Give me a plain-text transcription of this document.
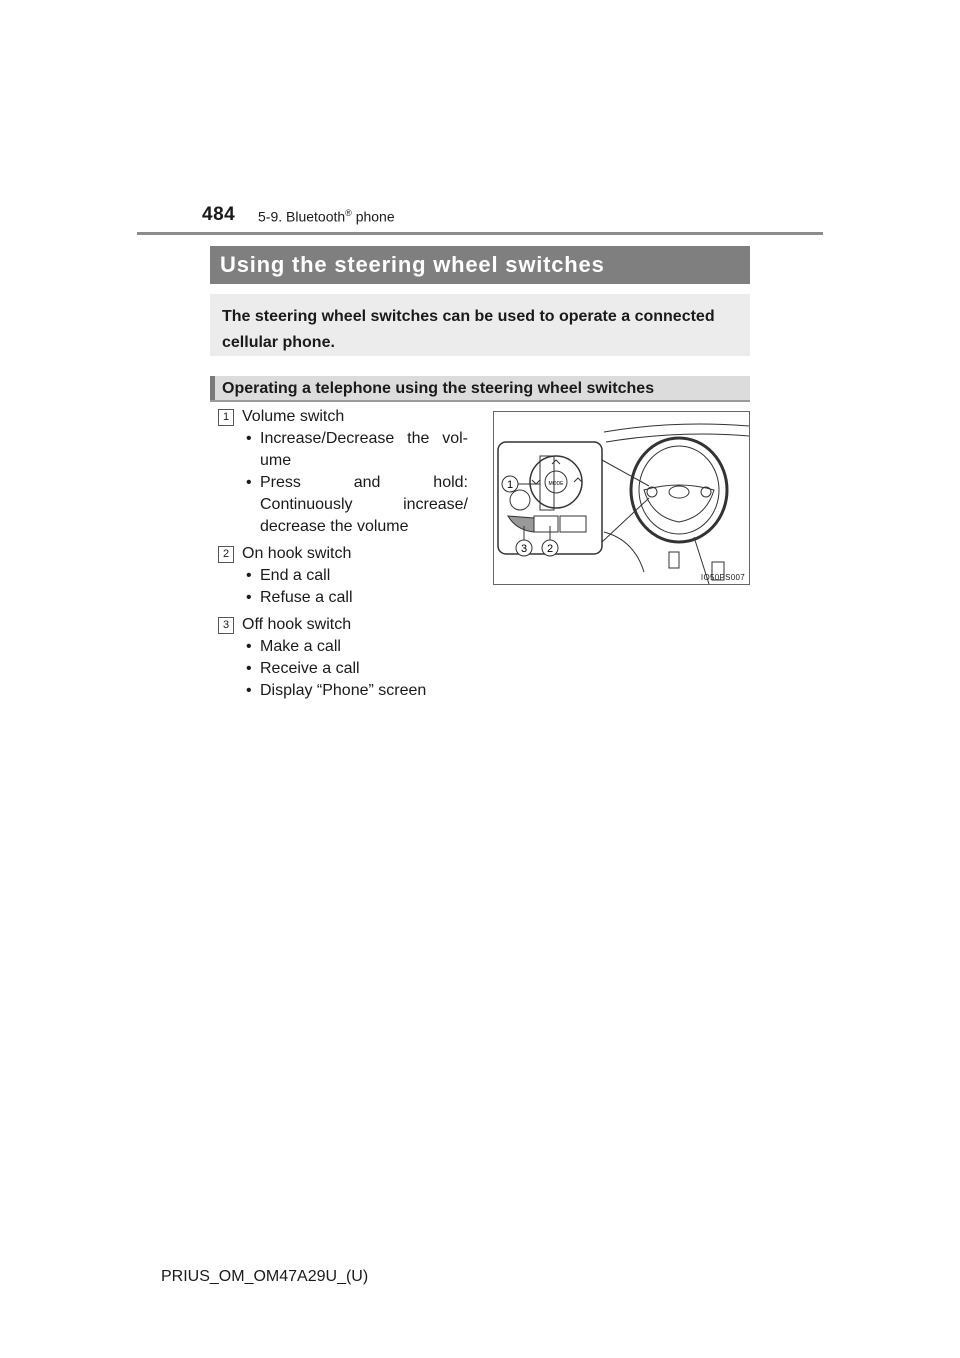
484 5-9. Bluetooth® phone
Using the steering wheel switches
The steering wheel switches can be used to operate a connected cellular phone.
Operating a telephone using the steering wheel switches
1 Volume switch
• Increase/Decrease the vol-ume
• Press and hold: Continuously increase/ decrease the volume
2 On hook switch
• End a call
• Refuse a call
3 Off hook switch
• Make a call
• Receive a call
• Display “Phone” screen
MODE
1
3 2
IO50PS007
PRIUS_OM_OM47A29U_(U)
